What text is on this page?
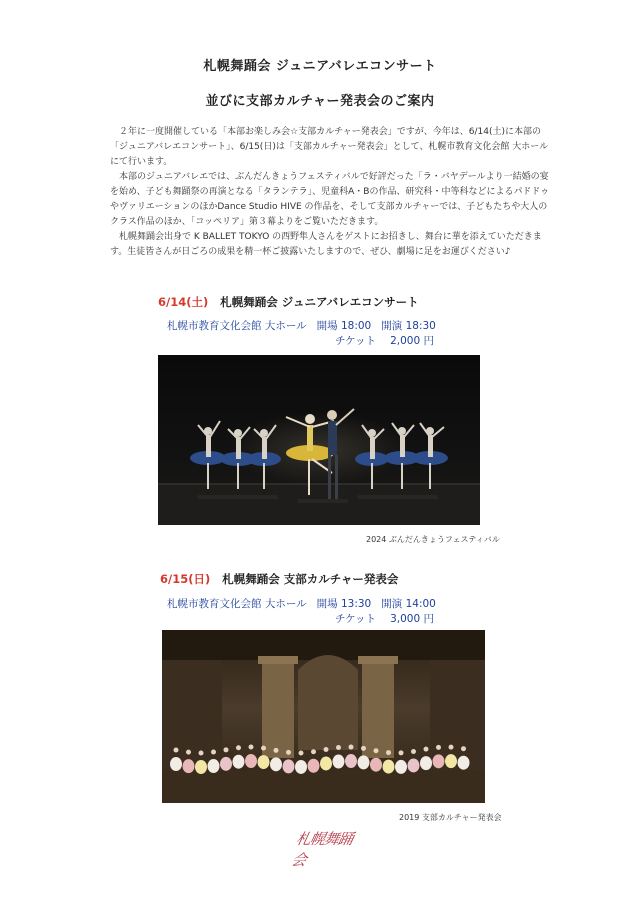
札幌舞踊会 ジュニアバレエコンサート
並びに支部カルチャー発表会のご案内

　２年に一度開催している「本部お楽しみ会☆支部カルチャー発表会」ですが、今年は、6/14(土)に本部の「ジュニアバレエコンサート」、6/15(日)は「支部カルチャー発表会」として、札幌市教育文化会館 大ホールにて行います。

　本部のジュニアバレエでは、ぶんだんきょうフェスティバルで好評だった「ラ・バヤデールより一結婚の宴を始め、子ども舞踊祭の再演となる「タランテラ」、児童科A・Bの作品、研究科・中等科などによるパドドゥやヴァリエーションのほかDance Studio HIVE の作品を、そして支部カルチャーでは、子どもたちや大人のクラス作品のほか、「コッペリア」第３幕よりをご覧いただきます。

　札幌舞踊会出身で K BALLET TOKYO の西野隼人さんをゲストにお招きし、舞台に華を添えていただきます。生徒皆さんが日ごろの成果を精一杯ご披露いたしますので、ぜひ、劇場に足をお運びください♪

6/14(土) 札幌舞踊会 ジュニアバレエコンサート
札幌市教育文化会館 大ホール 開場 18:00 開演 18:30
チケット 2,000 円
2024 ぶんだんきょうフェスティバル
6/15(日) 札幌舞踊会 支部カルチャー発表会
札幌市教育文化会館 大ホール 開場 13:30 開演 14:00
チケット 3,000 円
2019 支部カルチャー発表会
札幌舞踊会
